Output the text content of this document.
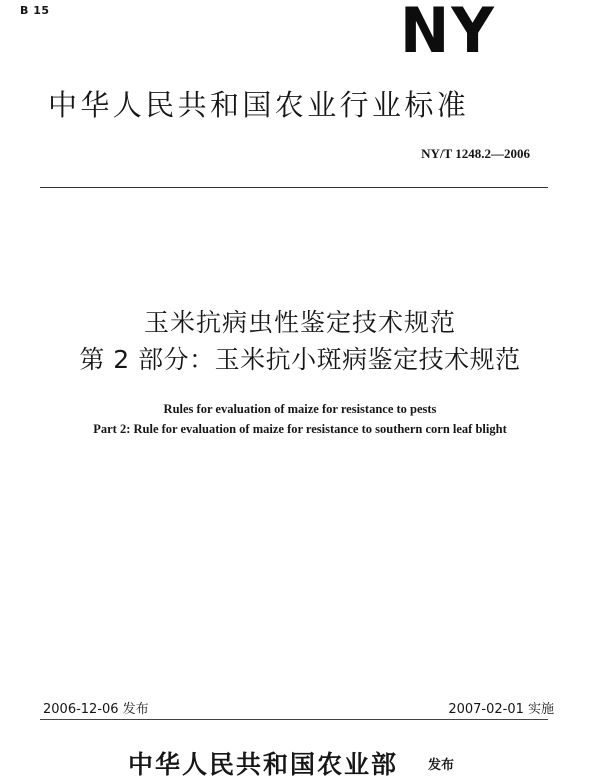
B 15	NY
中华人民共和国农业行业标准
NY/T 1248.2—2006
玉米抗病虫性鉴定技术规范
第 2 部分：玉米抗小斑病鉴定技术规范
Rules for evaluation of maize for resistance to pests
Part 2: Rule for evaluation of maize for resistance to southern corn leaf blight
2006-12-06 发布	2007-02-01 实施
中华人民共和国农业部 发布
